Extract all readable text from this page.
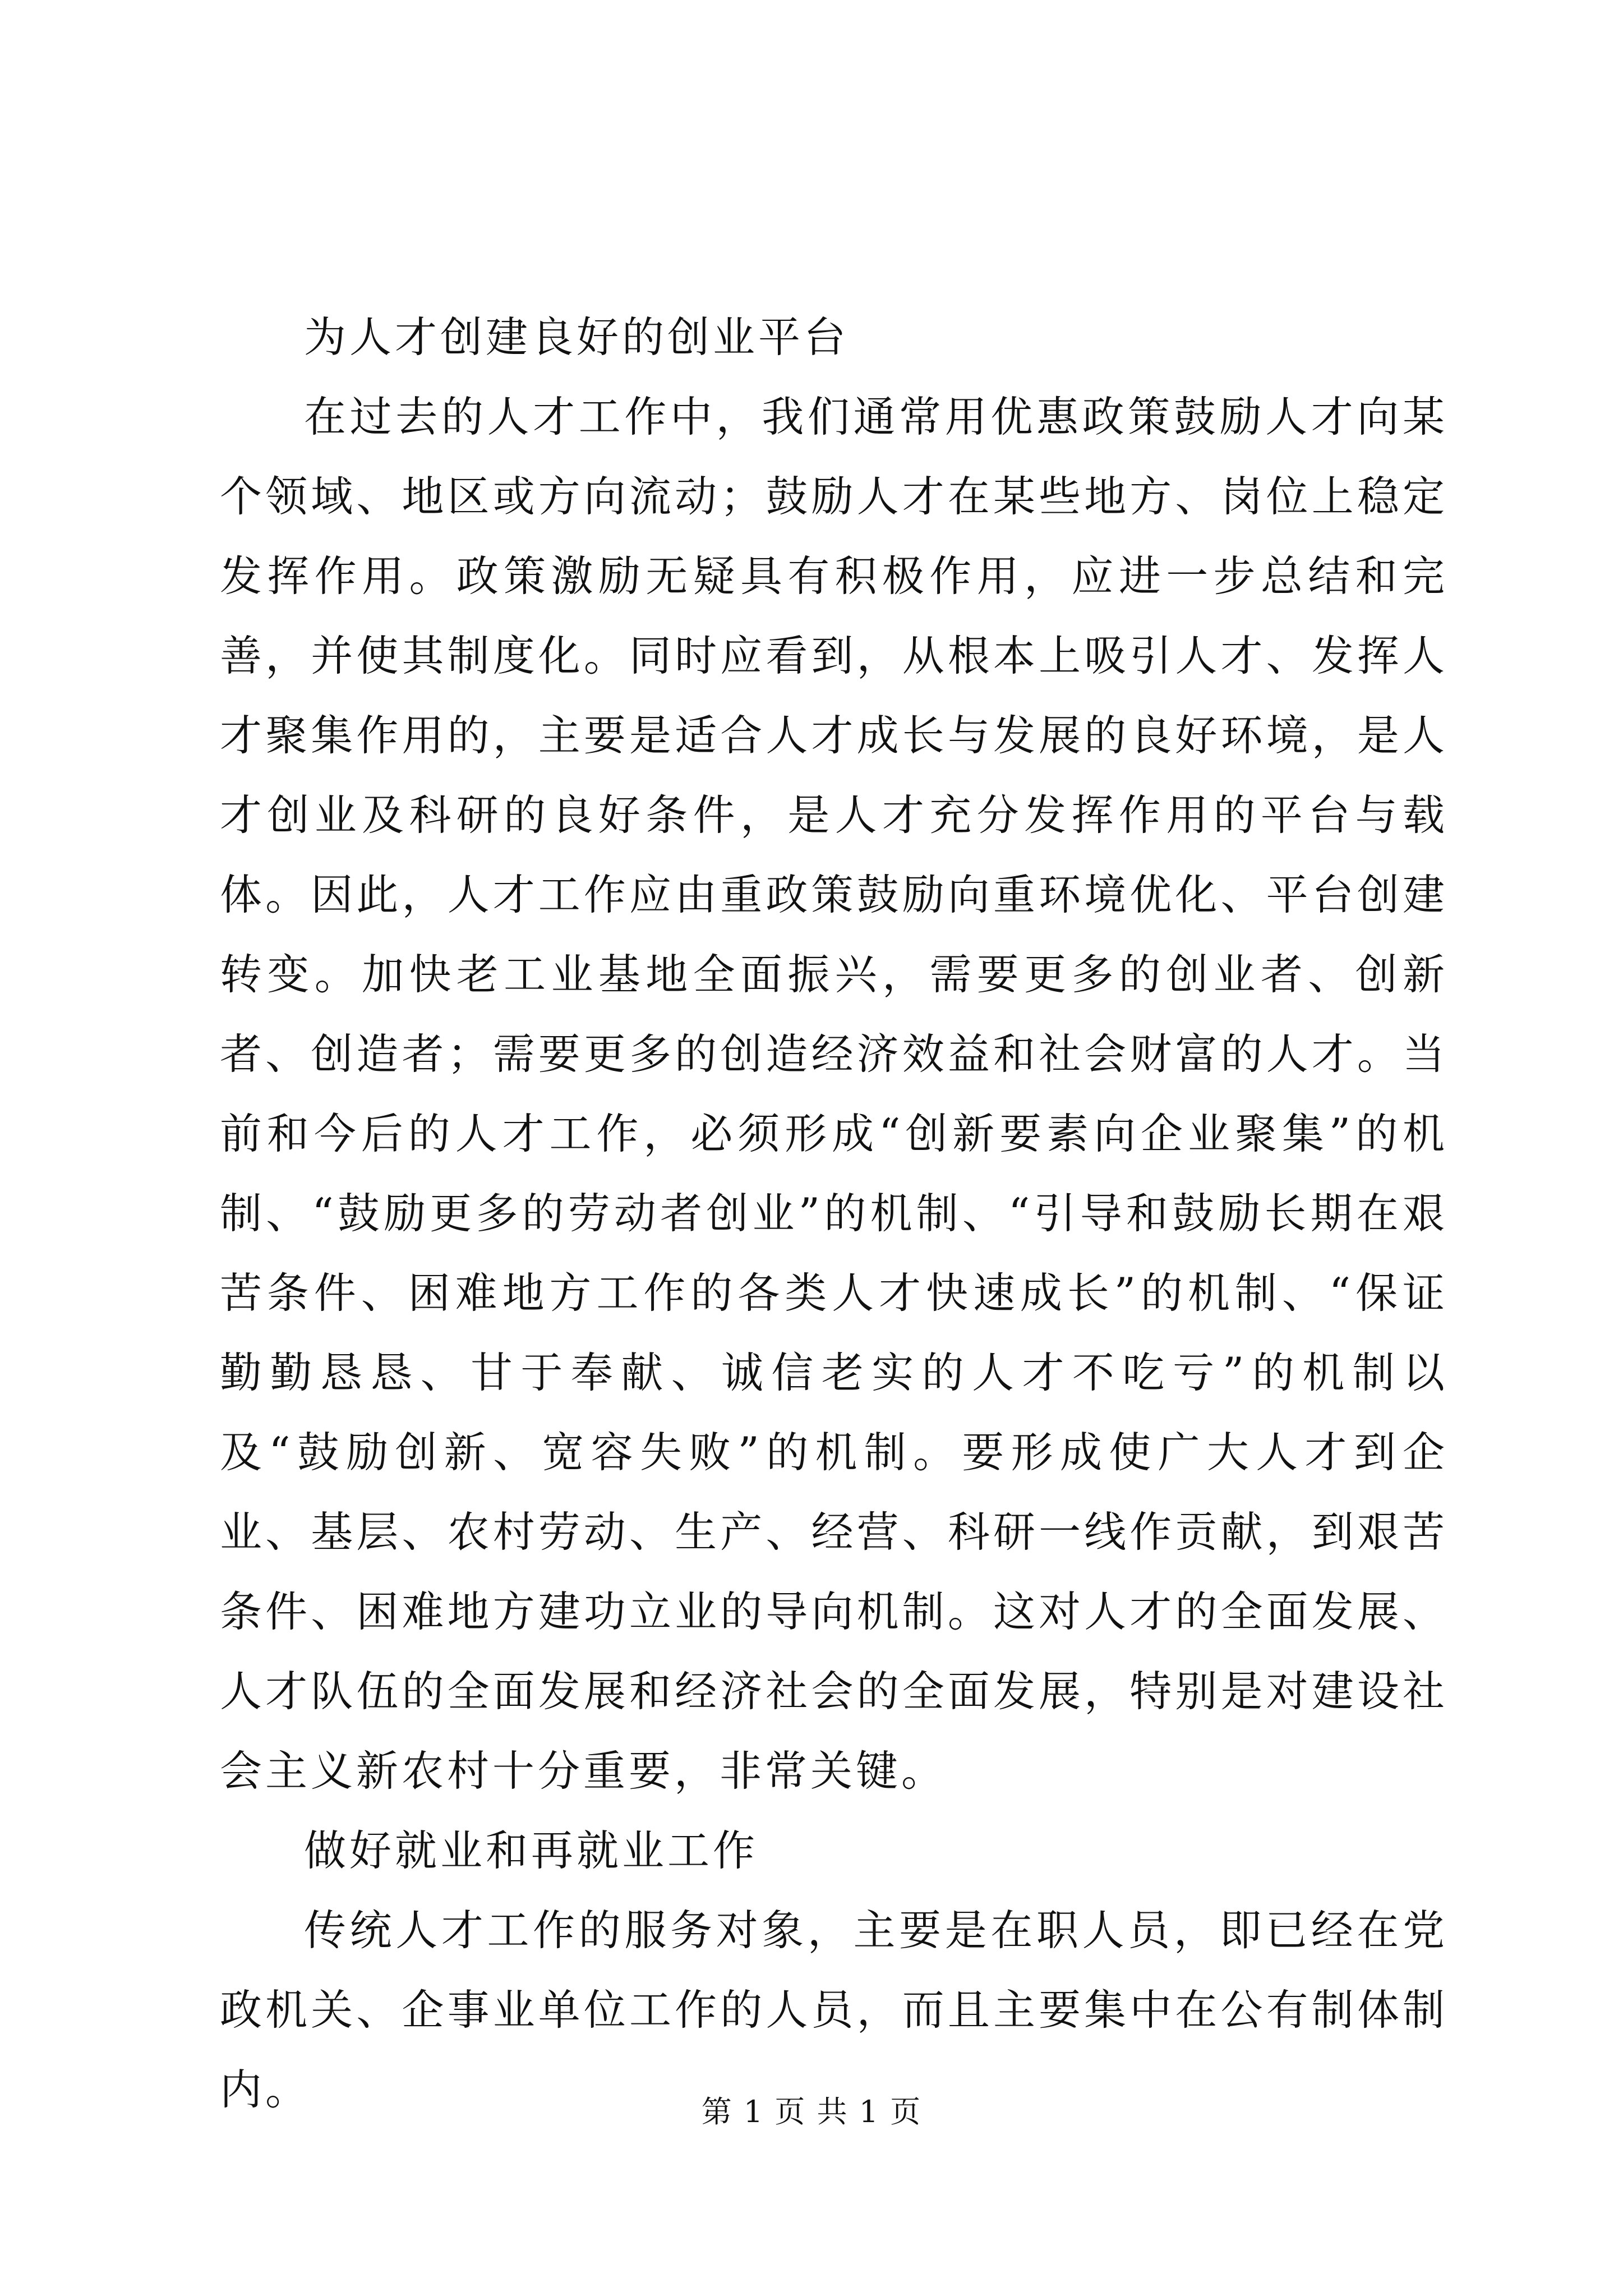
为人才创建良好的创业平台

在过去的人才工作中，我们通常用优惠政策鼓励人才向某个领域、地区或方向流动；鼓励人才在某些地方、岗位上稳定发挥作用。政策激励无疑具有积极作用，应进一步总结和完善，并使其制度化。同时应看到，从根本上吸引人才、发挥人才聚集作用的，主要是适合人才成长与发展的良好环境，是人才创业及科研的良好条件，是人才充分发挥作用的平台与载体。因此，人才工作应由重政策鼓励向重环境优化、平台创建转变。加快老工业基地全面振兴，需要更多的创业者、创新者、创造者；需要更多的创造经济效益和社会财富的人才。当前和今后的人才工作，必须形成“创新要素向企业聚集”的机制、“鼓励更多的劳动者创业”的机制、“引导和鼓励长期在艰苦条件、困难地方工作的各类人才快速成长”的机制、“保证勤勤恳恳、甘于奉献、诚信老实的人才不吃亏”的机制以及“鼓励创新、宽容失败”的机制。要形成使广大人才到企业、基层、农村劳动、生产、经营、科研一线作贡献，到艰苦条件、困难地方建功立业的导向机制。这对人才的全面发展、人才队伍的全面发展和经济社会的全面发展，特别是对建设社会主义新农村十分重要，非常关键。

做好就业和再就业工作

传统人才工作的服务对象，主要是在职人员，即已经在党政机关、企事业单位工作的人员，而且主要集中在公有制体制内。	第 1 页 共 1 页
